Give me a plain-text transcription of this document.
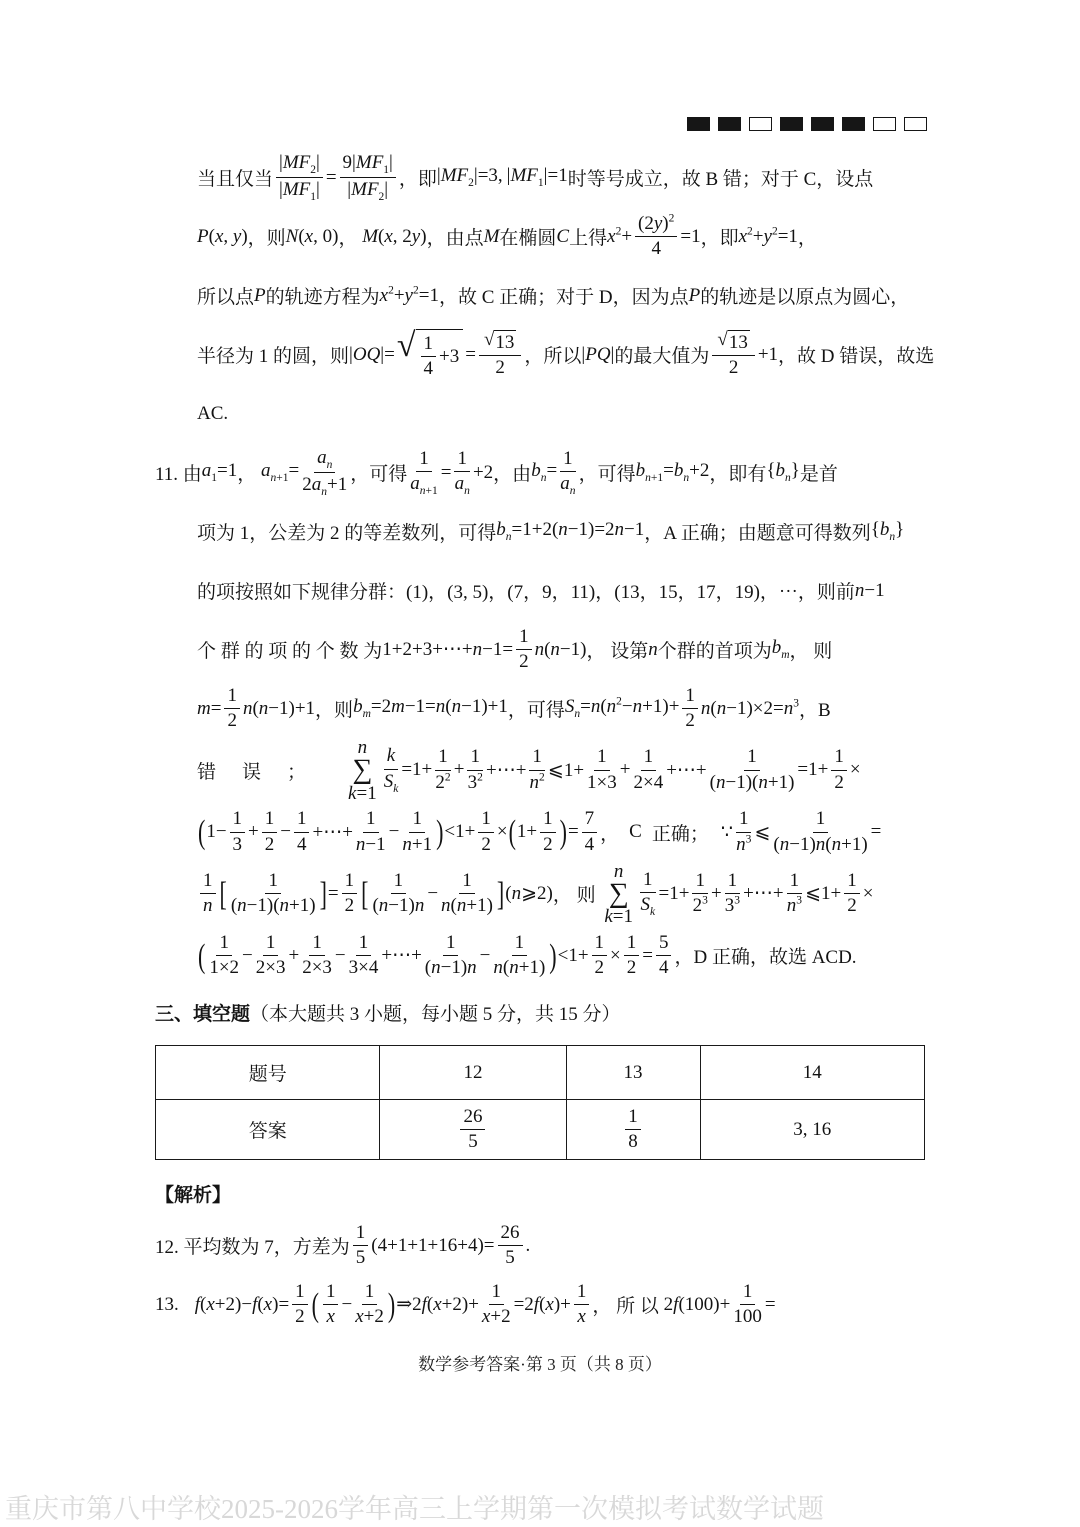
当且仅当 $\frac{|MF_2|}{|MF_1|} = \frac{9|MF_1|}{|MF_2|}$ ，即 $|MF_2|=3$, $|MF_1|=1$ 时等号成立，故 B 错；对于 C，设点
P(x, y) ，则 N(x, 0) ， M(x, 2y) ，由点 M 在椭圆 C 上得 $x^2+ \frac{(2y)^2}{4} =1$ ，即 $x^2+y^2=1$ ，
所以点 P 的轨迹方程为 $x^2+y^2=1$ ，故 C 正确；对于 D，因为点 P 的轨迹是以原点为圆心，
半径为 1 的圆，则 |OQ|= √ $\frac{1}{4} +3 = \frac{√ 13}{2}$ ，所以 |PQ| 的最大值为 $\frac{√ 13}{2} +1$ ，故 D 错误，故选
AC.
11. 由 $a_1=1$ ， $a_{n+1}= \frac{a_n}{2a_n+1}$ ，可得 $\frac{1}{a_{n+1}} = \frac{1}{a_n} +2$ ，由 $b_n= \frac{1}{a_n}$ ，可得 $b_{n+1}=b_n+2$ ，即有 $\{b_n\}$ 是首
项为 1，公差为 2 的等差数列，可得 $b_n=1+2(n-1)=2n-1$ ，A 正确；由题意可得数列 $\{b_n\}$
的项按照如下规律分群：(1)，(3, 5)，(7，9，11)，(13，15，17，19)，⋯，则前 n−1
个 群 的 项 的 个 数 为 1+2+3+⋯+n−1= $\frac{1}{2} n(n-1)$ ， 设第 n 个群的首项为 $b_m$ ， 则
$m= \frac{1}{2} n(n-1)+1$ ，则 $b_m=2m-1=n(n-1)+1$ ，可得 $S_n=n(n^2-n+1)+ \frac{1}{2} n(n-1)\times 2=n^3$ ，B
错 误 ；
n
∑
$k=1 \frac{k}{S_k} =1+ \frac{1}{2^2} + \frac{1}{3^2}$ +⋯+ $\frac{1}{n^2}$ ⩽1+ $\frac{1}{1\times 3} + \frac{1}{2\times 4}$ +⋯+ $\frac{1}{(n-1)(n+1)} =1+ \frac{1}{2}$ ×
( $1- \frac{1}{3} + \frac{1}{2} - \frac{1}{4}$ +⋯+ $\frac{1}{n-1} - \frac{1}{n+1}$ ) $<1+ \frac{1}{2}$ × ( $1+ \frac{1}{2}$ ) = $\frac{7}{4}$ ， C 正确； ∵ $\frac{1}{n^3}$ ⩽ $\frac{1}{(n-1)n(n+1)}$ =
$\frac{1}{n}$ [ $\frac{1}{(n-1)(n+1)}$ ] = $\frac{1}{2}$ [ $\frac{1}{(n-1)n} - \frac{1}{n(n+1)}$ ] (n⩾2) ， 则
n
∑
$k=1 \frac{1}{S_k} =1+ \frac{1}{2^3} + \frac{1}{3^3}$ +⋯+ $\frac{1}{n^3}$ ⩽1+ $\frac{1}{2}$ ×
( $\frac{1}{1\times 2} - \frac{1}{2\times 3} + \frac{1}{2\times 3} - \frac{1}{3\times 4}$ +⋯+ $\frac{1}{(n-1)n} - \frac{1}{n(n+1)}$ ) $<1+ \frac{1}{2} \times \frac{1}{2} = \frac{5}{4}$ ，D 正确，故选 ACD.
三、填空题 （本大题共 3 小题，每小题 5 分，共 15 分）
题号	12	13	14
答案	$\frac{26}{5}$	$\frac{1}{8}$	3, 16
【解析】
12. 平均数为 7，方差为 $\frac{1}{5} (4+1+1+16+4)= \frac{26}{5}$ .
13. $f(x+2)-f(x)= \frac{1}{2}$ ( $\frac{1}{x} - \frac{1}{x+2}$ ) ⇒2f(x+2)+ $\frac{1}{x+2} =2f(x)+ \frac{1}{x}$ ， 所 以 $2f(100)+ \frac{1}{100}$ =
数学参考答案·第 3 页（共 8 页）
重庆市第八中学校2025-2026学年高三上学期第一次模拟考试数学试题
